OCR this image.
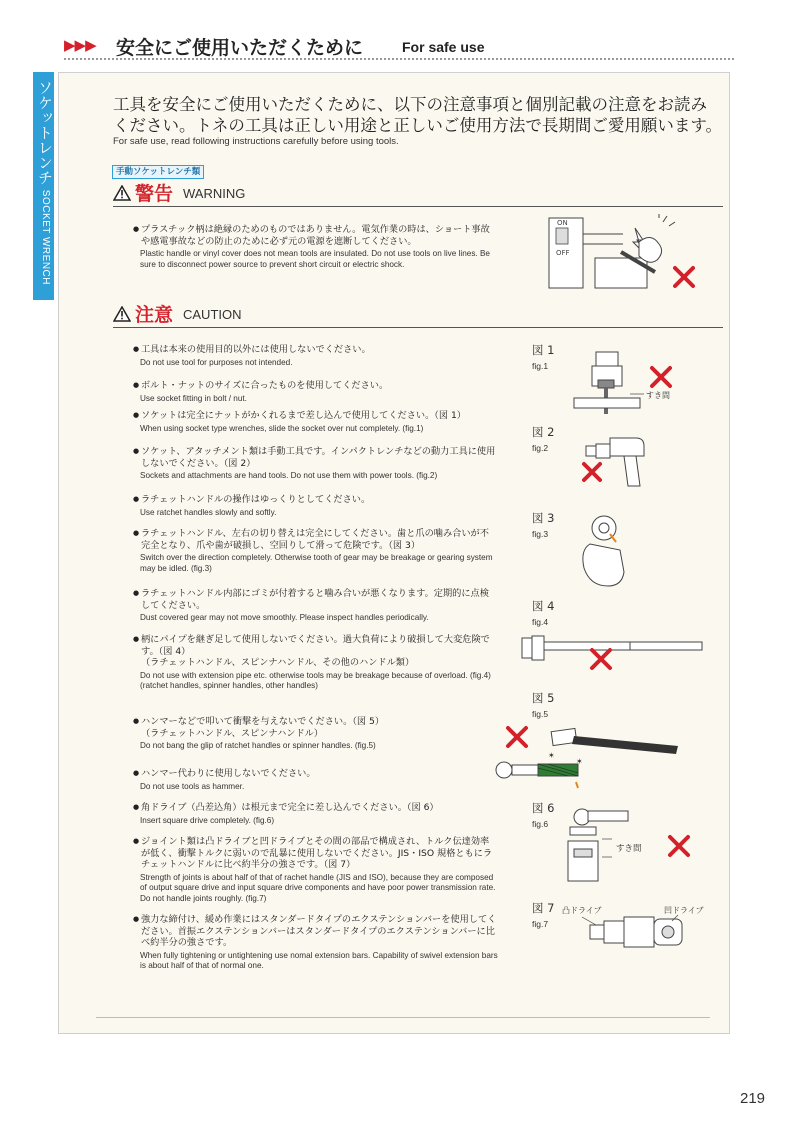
▶▶▶ 安全にご使用いただくために	For safe use
ソケットレンチ SOCKET WRENCH
工具を安全にご使用いただくために、以下の注意事項と個別記載の注意をお読みください。トネの工具は正しい用途と正しいご使用方法で長期間ご愛用願います。
For safe use, read following instructions carefully before using tools.
手動ソケットレンチ類
警告 WARNING
● プラスチック柄は絶縁のためのものではありません。電気作業の時は、ショート事故や感電事故などの防止のために必ず元の電源を遮断してください。
Plastic handle or vinyl cover does not mean tools are insulated. Do not use tools on live lines. Be sure to disconnect power source to prevent short circuit or electric shock.
ON
OFF
注意 CAUTION
● 工具は本来の使用目的以外には使用しないでください。
Do not use tool for purposes not intended.
● ボルト・ナットのサイズに合ったものを使用してください。
Use socket fitting in bolt / nut.
● ソケットは完全にナットがかくれるまで差し込んで使用してください。（図 1）
When using socket type wrenches, slide the socket over nut completely. (fig.1)
● ソケット、アタッチメント類は手動工具です。インパクトレンチなどの動力工具に使用しないでください。（図 2）
Sockets and attachments are hand tools. Do not use them with power tools. (fig.2)
● ラチェットハンドルの操作はゆっくりとしてください。
Use ratchet handles slowly and softly.
● ラチェットハンドル、左右の切り替えは完全にしてください。歯と爪の噛み合いが不完全となり、爪や歯が破損し、空回りして滑って危険です。（図 3）
Switch over the direction completely. Otherwise tooth of gear may be breakage or gearing system may be idled. (fig.3)
● ラチェットハンドル内部にゴミが付着すると噛み合いが悪くなります。定期的に点検してください。
Dust covered gear may not move smoothly. Please inspect handles periodically.
● 柄にパイプを継ぎ足して使用しないでください。過大負荷により破損して大変危険です。（図 4）
（ラチェットハンドル、スピンナハンドル、その他のハンドル類）
Do not use with extension pipe etc. otherwise tools may be breakage because of overload. (fig.4)
(ratchet handles, spinner handles, other handles)
● ハンマーなどで叩いて衝撃を与えないでください。（図 5）
（ラチェットハンドル、スピンナハンドル）
Do not bang the glip of ratchet handles or spinner handles. (fig.5)
● ハンマー代わりに使用しないでください。
Do not use tools as hammer.
● 角ドライブ（凸差込角）は根元まで完全に差し込んでください。（図 6）
Insert square drive completely. (fig.6)
● ジョイント類は凸ドライブと凹ドライブとその間の部品で構成され、トルク伝達効率が低く、衝撃トルクに弱いので乱暴に使用しないでください。JIS・ISO 規格ともにラチェットハンドルに比べ約半分の強さです。（図 7）
Strength of joints is about half of that of rachet handle (JIS and ISO), because they are composed of output square drive and input square drive components and have poor power transmission rate. Do not handle joints roughly. (fig.7)
● 強力な締付け、緩め作業にはスタンダードタイプのエクステンションバーを使用してください。首振エクステンションバーはスタンダードタイプのエクステンションバーに比べ約半分の強さです。
When fully tightening or untightening use nomal extension bars. Capability of swivel extension bars is about half of that of normal one.
図 1
fig.1
図 2
fig.2
図 3
fig.3
図 4
fig.4
図 5
fig.5
図 6
fig.6
図 7
fig.7
すき間
✶
✶
すき間
凸ドライブ	凹ドライブ
219
